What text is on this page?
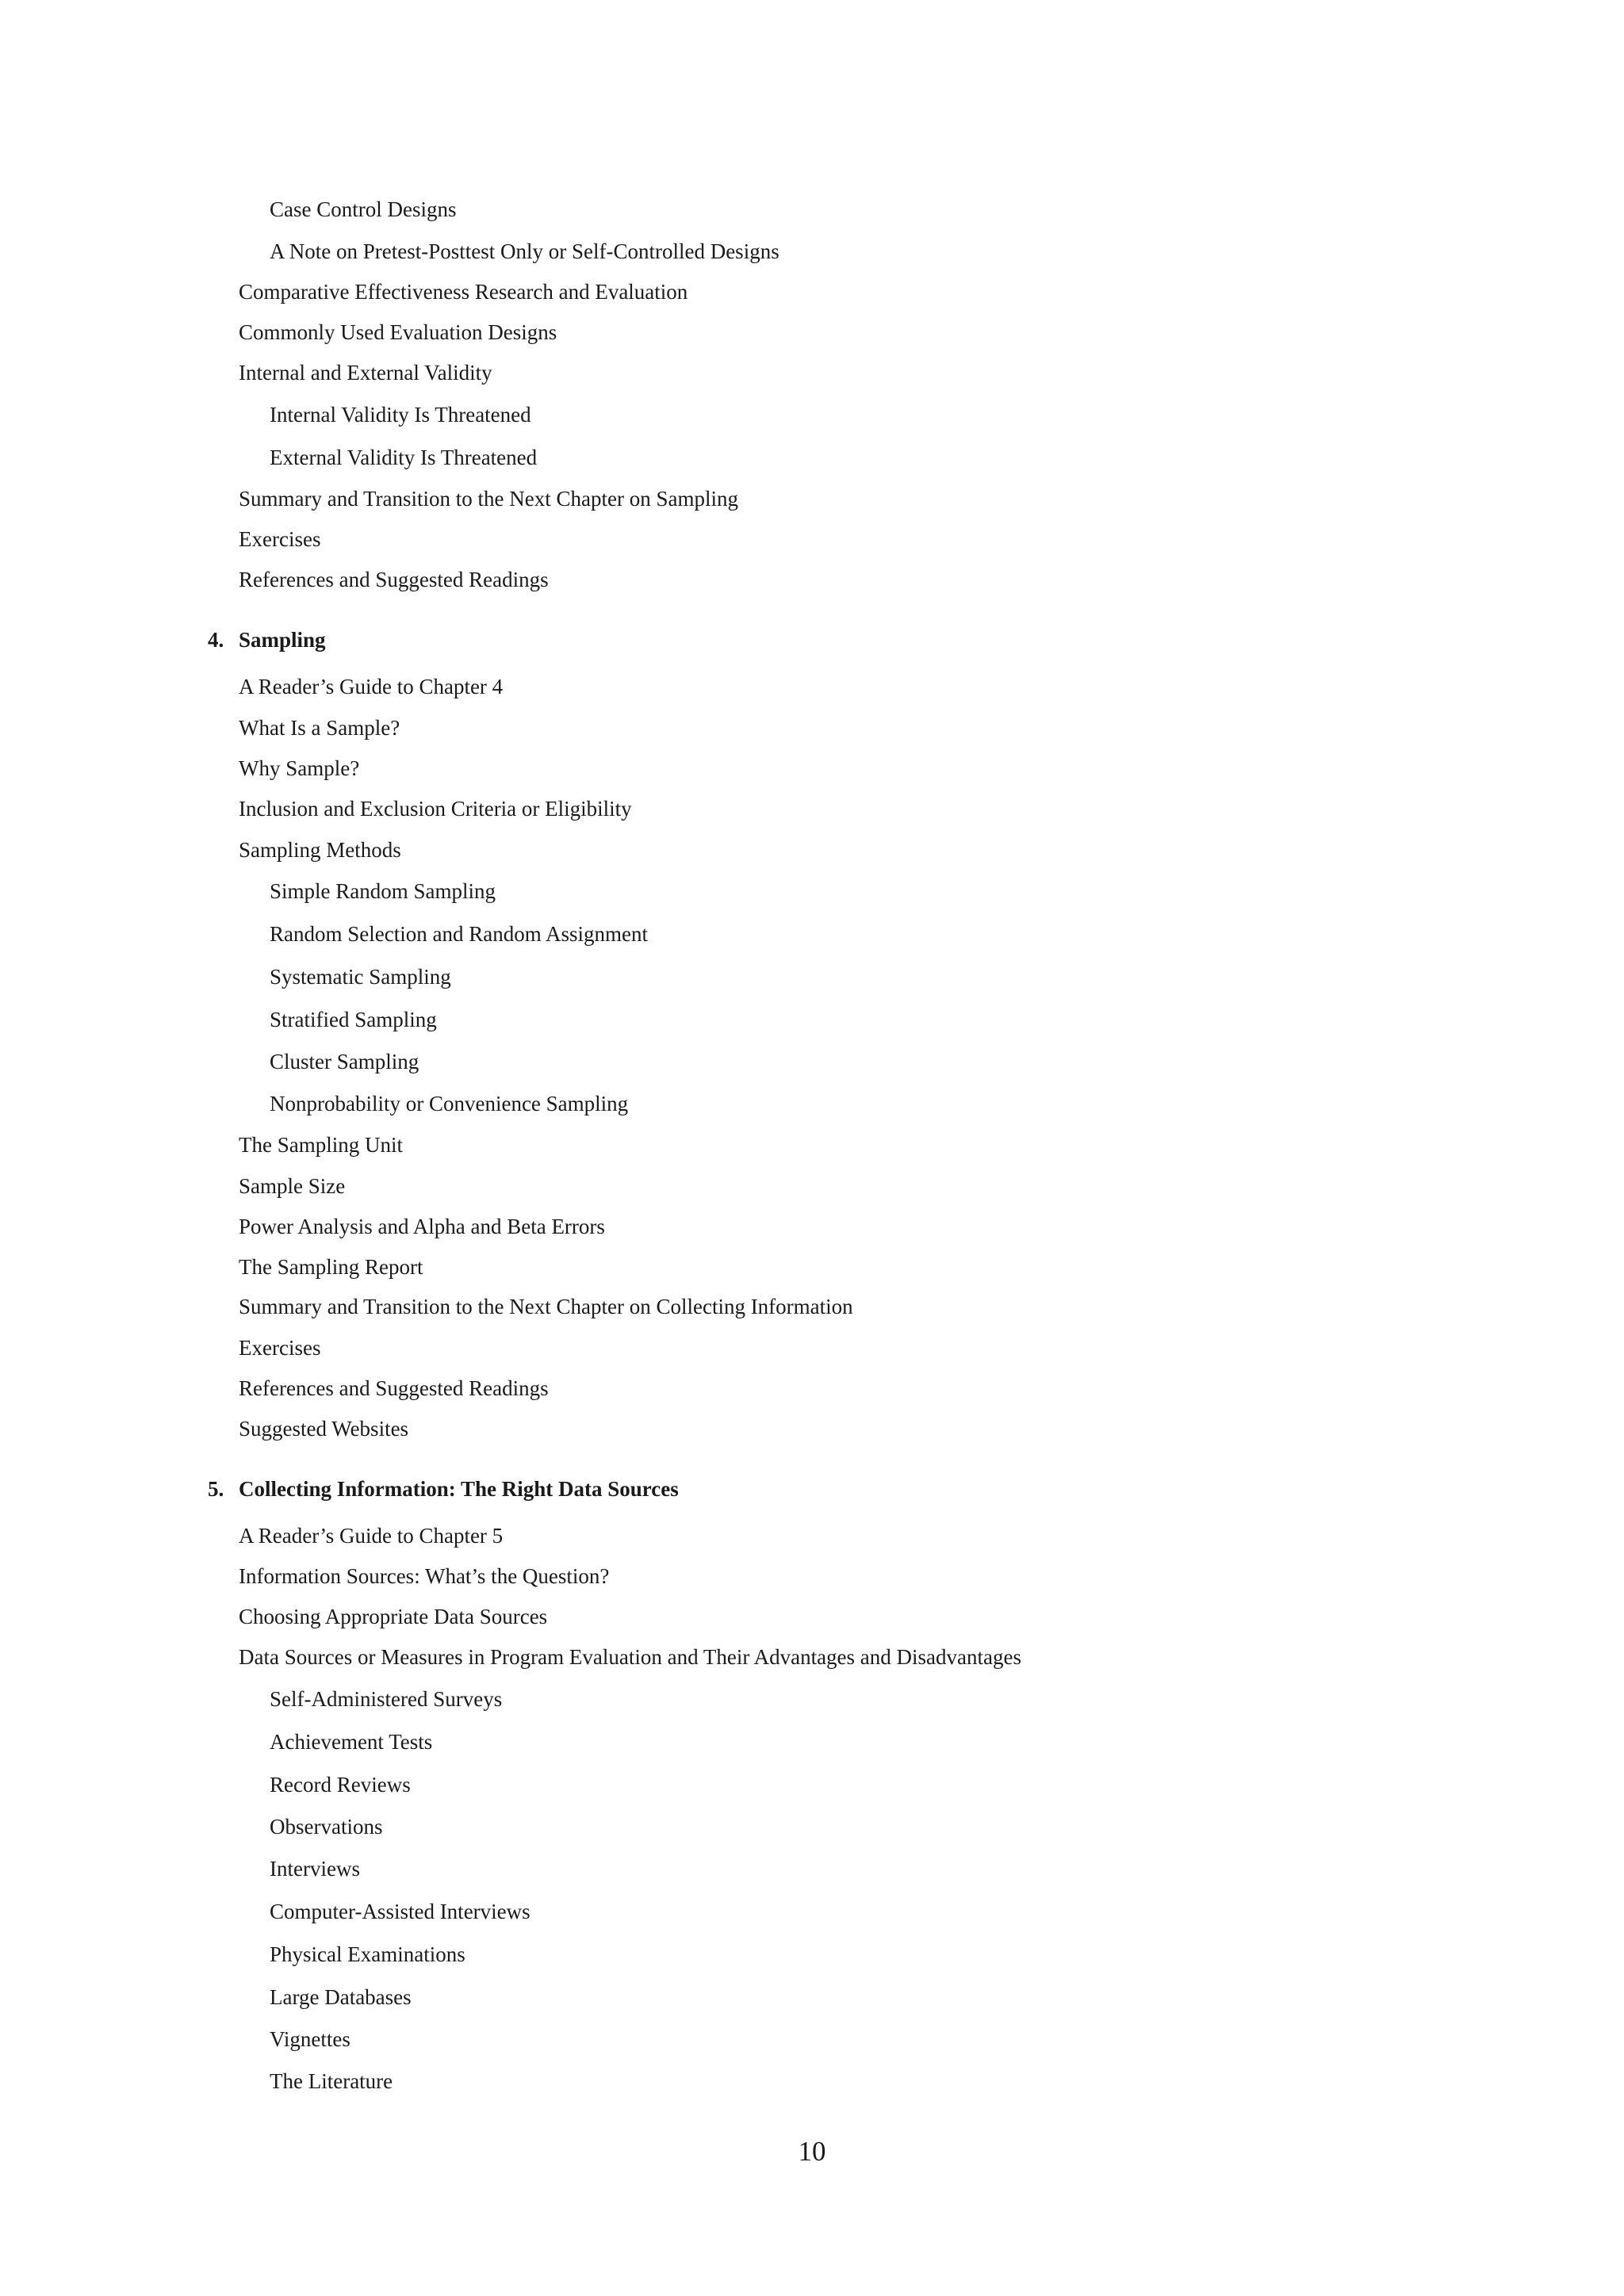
Case Control Designs
A Note on Pretest-Posttest Only or Self-Controlled Designs
Comparative Effectiveness Research and Evaluation
Commonly Used Evaluation Designs
Internal and External Validity
Internal Validity Is Threatened
External Validity Is Threatened
Summary and Transition to the Next Chapter on Sampling
Exercises
References and Suggested Readings
4. Sampling
A Reader’s Guide to Chapter 4
What Is a Sample?
Why Sample?
Inclusion and Exclusion Criteria or Eligibility
Sampling Methods
Simple Random Sampling
Random Selection and Random Assignment
Systematic Sampling
Stratified Sampling
Cluster Sampling
Nonprobability or Convenience Sampling
The Sampling Unit
Sample Size
Power Analysis and Alpha and Beta Errors
The Sampling Report
Summary and Transition to the Next Chapter on Collecting Information
Exercises
References and Suggested Readings
Suggested Websites
5. Collecting Information: The Right Data Sources
A Reader’s Guide to Chapter 5
Information Sources: What’s the Question?
Choosing Appropriate Data Sources
Data Sources or Measures in Program Evaluation and Their Advantages and Disadvantages
Self-Administered Surveys
Achievement Tests
Record Reviews
Observations
Interviews
Computer-Assisted Interviews
Physical Examinations
Large Databases
Vignettes
The Literature
10
